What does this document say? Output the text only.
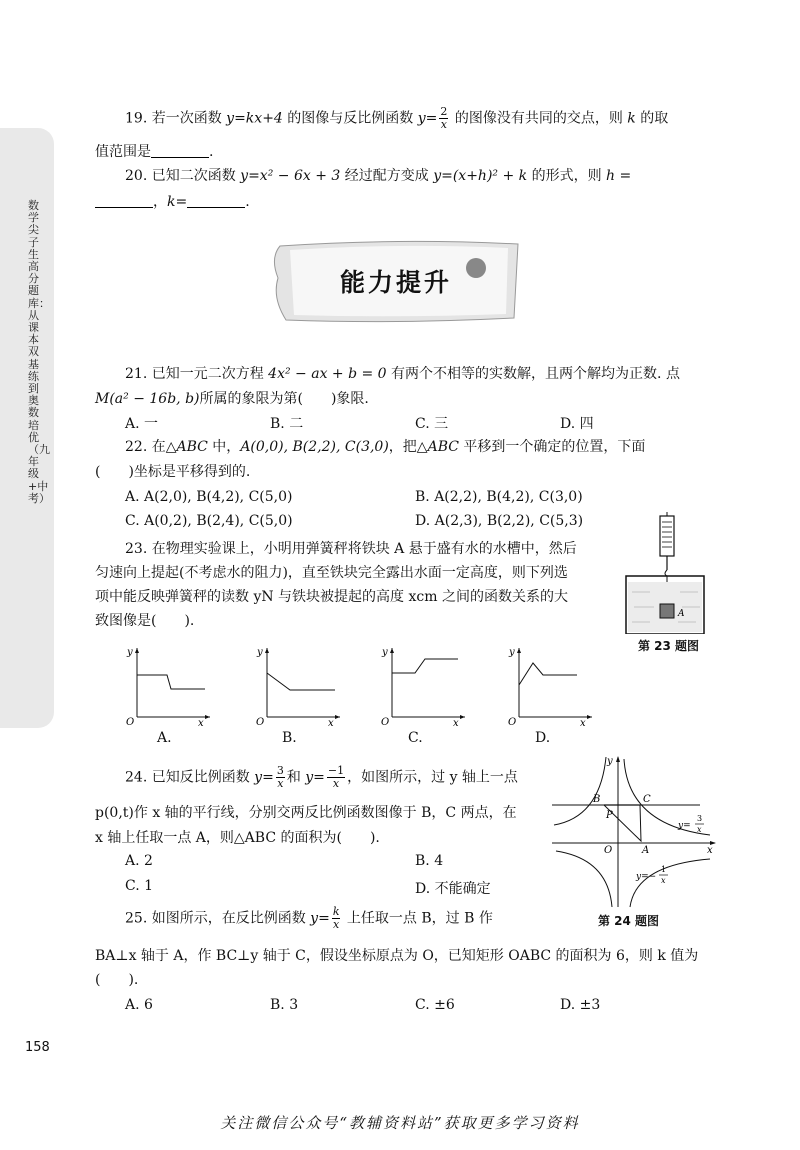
数学尖子生高分题库：从课本双基练到奥数培优（九年级+中考）
158
19. 若一次函数 y=kx+4 的图像与反比例函数 $y= \frac{2}{x}$ 的图像没有共同的交点，则 k 的取
值范围是	.
20. 已知二次函数 y=x² − 6x + 3 经过配方变成 y=(x+h)² + k 的形式，则 h =
，k=	.
能力提升
21. 已知一元二次方程 4x² − ax + b = 0 有两个不相等的实数解，且两个解均为正数. 点
M(a² − 16b, b)所属的象限为第(　　)象限.
A. 一	B. 二	C. 三	D. 四
22. 在△ABC 中，A(0,0), B(2,2), C(3,0)，把△ABC 平移到一个确定的位置，下面
(　　)坐标是平移得到的.
A. A(2,0), B(4,2), C(5,0)	B. A(2,2), B(4,2), C(3,0)
C. A(0,2), B(2,4), C(5,0)	D. A(2,3), B(2,2), C(5,3)
23. 在物理实验课上，小明用弹簧秤将铁块 A 悬于盛有水的水槽中，然后
匀速向上提起(不考虑水的阻力)，直至铁块完全露出水面一定高度，则下列选
项中能反映弹簧秤的读数 yN 与铁块被提起的高度 xcm 之间的函数关系的大
致图像是(　　).	A
第 23 题图
y
O	x
y
O	x
y
O	x
y
O	x
A.	B.	C.	D.
24. 已知反比例函数 $y= \frac{3}{x}$ 和 $y= \frac{-1}{x}$ ，如图所示，过 y 轴上一点
p(0,t)作 x 轴的平行线，分别交两反比例函数图像于 B，C 两点，在
x 轴上任取一点 A，则△ABC 的面积为(　　).
A. 2	B. 4
C. 1	D. 不能确定
y
B	C
P
O	A	x
y=
3
x
y=−
1
x
第 24 题图
25. 如图所示，在反比例函数 $y= \frac{k}{x}$ 上任取一点 B，过 B 作
BA⊥x 轴于 A，作 BC⊥y 轴于 C，假设坐标原点为 O，已知矩形 OABC 的面积为 6，则 k 值为
(　　).
A. 6	B. 3	C. ±6	D. ±3
关注微信公众号“教辅资料站”获取更多学习资料
